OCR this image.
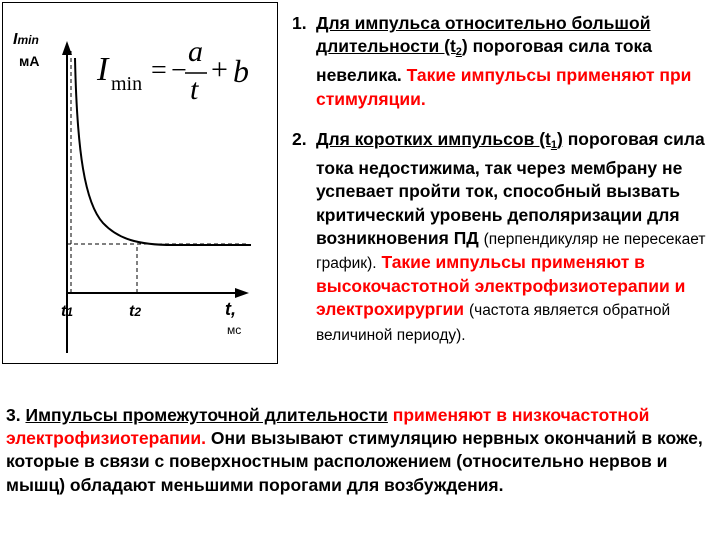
Imin
мА I min = −
a
t
+ b
t1	t2	t,
мс
1. Для импульса относительно большой длительности $(t_2)$ пороговая сила тока невелика. Такие импульсы применяют при стимуляции.

2. Для коротких импульсов $(t_1)$ пороговая сила тока недостижима, так через мембрану не успевает пройти ток, способный вызвать критический уровень деполяризации для возникновения ПД (перпендикуляр не пересекает график). Такие импульсы применяют в высокочастотной электрофизиотерапии и электрохирургии (частота является обратной величиной периоду).

3. Импульсы промежуточной длительности применяют в низкочастотной электрофизиотерапии. Они вызывают стимуляцию нервных окончаний в коже, которые в связи с поверхностным расположением (относительно нервов и мышц) обладают меньшими порогами для возбуждения.
